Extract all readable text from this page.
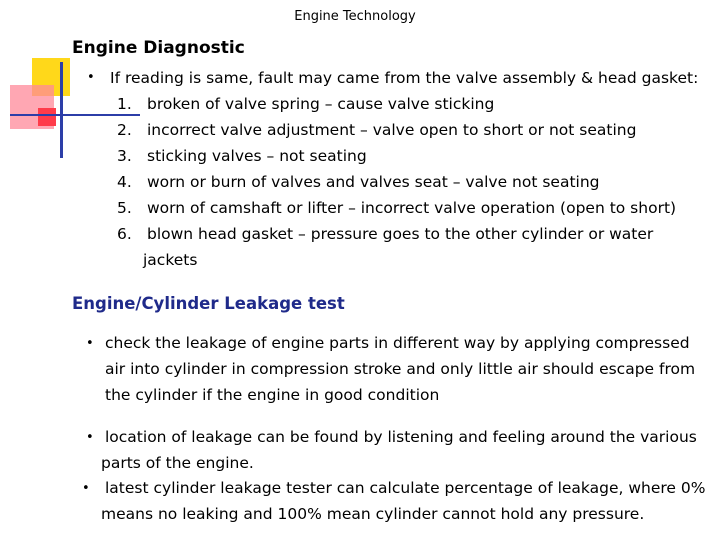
Engine Technology
Engine Diagnostic
• If reading is same, fault may came from the valve assembly & head gasket:
1. broken of valve spring – cause valve sticking
2. incorrect valve adjustment – valve open to short or not seating
3. sticking valves – not seating
4. worn or burn of valves and valves seat – valve not seating
5. worn of camshaft or lifter – incorrect valve operation (open to short)
6. blown head gasket – pressure goes to the other cylinder or water
jackets
Engine/Cylinder Leakage test
• check the leakage of engine parts in different way by applying compressed
air into cylinder in compression stroke and only little air should escape from
the cylinder if the engine in good condition
• location of leakage can be found by listening and feeling around the various
parts of the engine.
• latest cylinder leakage tester can calculate percentage of leakage, where 0%
means no leaking and 100% mean cylinder cannot hold any pressure.
